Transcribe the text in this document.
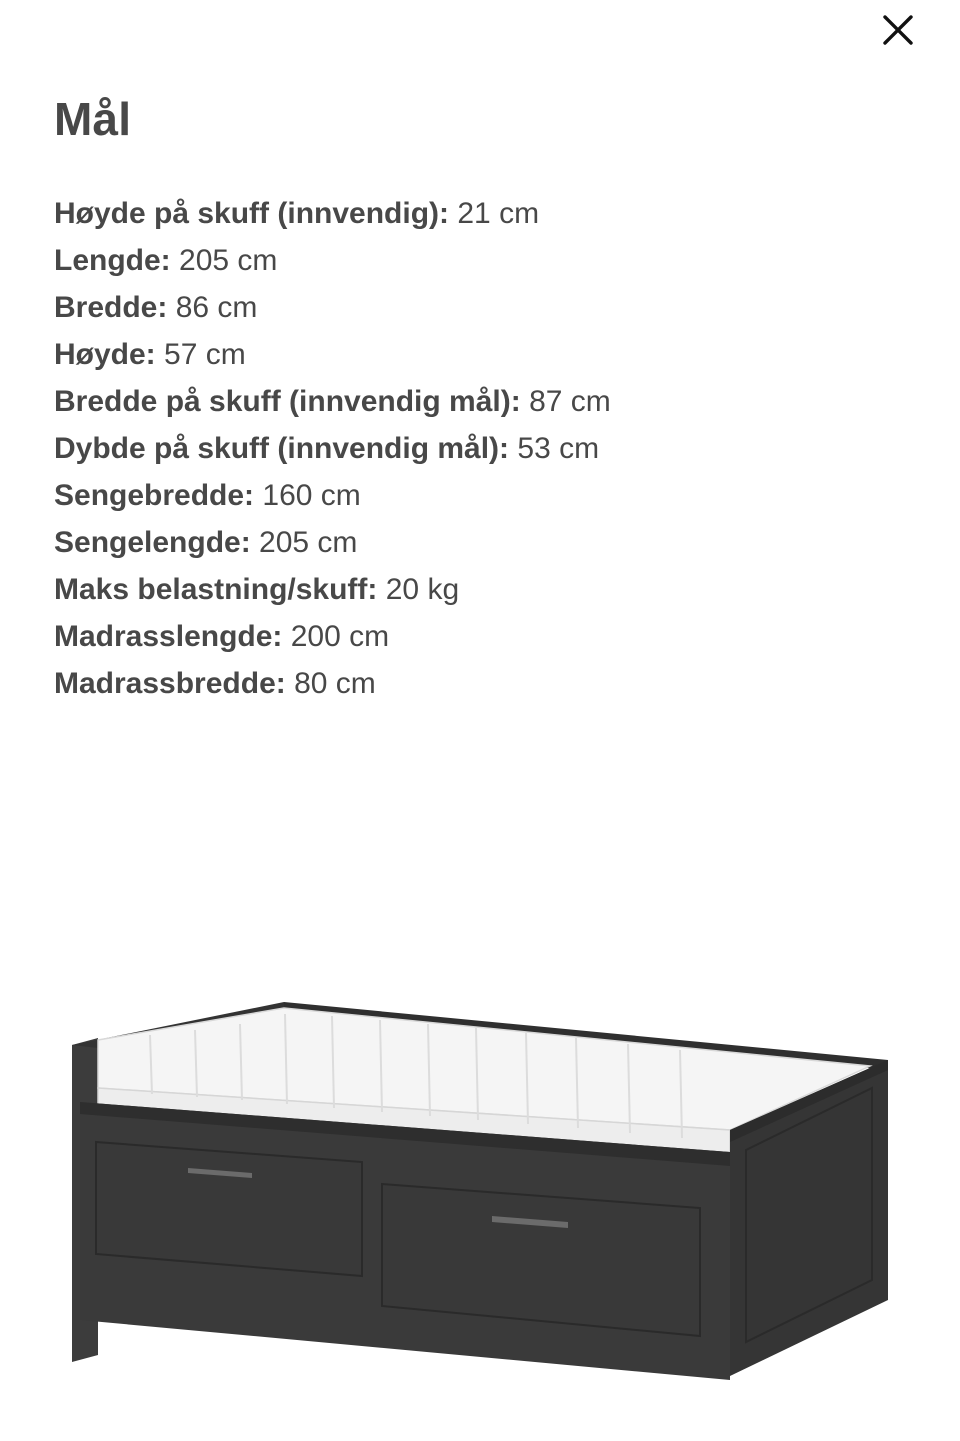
Mål
Høyde på skuff (innvendig): 21 cm
Lengde: 205 cm
Bredde: 86 cm
Høyde: 57 cm
Bredde på skuff (innvendig mål): 87 cm
Dybde på skuff (innvendig mål): 53 cm
Sengebredde: 160 cm
Sengelengde: 205 cm
Maks belastning/skuff: 20 kg
Madrasslengde: 200 cm
Madrassbredde: 80 cm
